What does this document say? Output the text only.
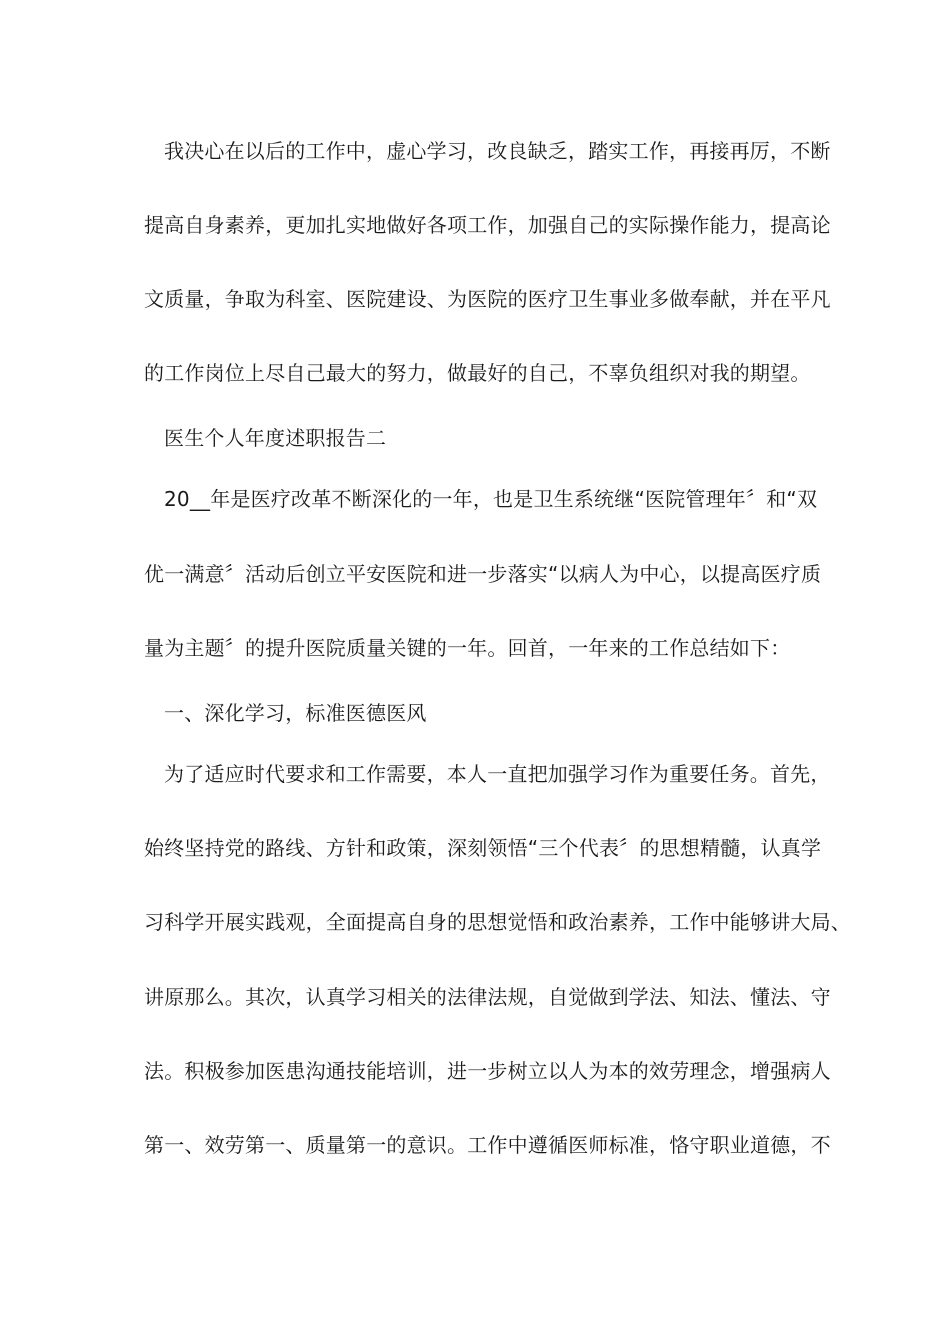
我决心在以后的工作中，虚心学习，改良缺乏，踏实工作，再接再厉，不断
提高自身素养，更加扎实地做好各项工作，加强自己的实际操作能力，提高论
文质量，争取为科室、医院建设、为医院的医疗卫生事业多做奉献，并在平凡
的工作岗位上尽自己最大的努力，做最好的自己，不辜负组织对我的期望。
医生个人年度述职报告二
20__年是医疗改革不断深化的一年，也是卫生系统继“医院管理年〞和“双
优一满意〞活动后创立平安医院和进一步落实“以病人为中心，以提高医疗质
量为主题〞的提升医院质量关键的一年。回首，一年来的工作总结如下：
一、深化学习，标准医德医风
为了适应时代要求和工作需要，本人一直把加强学习作为重要任务。首先，
始终坚持党的路线、方针和政策，深刻领悟“三个代表〞的思想精髓，认真学
习科学开展实践观，全面提高自身的思想觉悟和政治素养，工作中能够讲大局、
讲原那么。其次，认真学习相关的法律法规，自觉做到学法、知法、懂法、守
法。积极参加医患沟通技能培训，进一步树立以人为本的效劳理念，增强病人
第一、效劳第一、质量第一的意识。工作中遵循医师标准，恪守职业道德，不
